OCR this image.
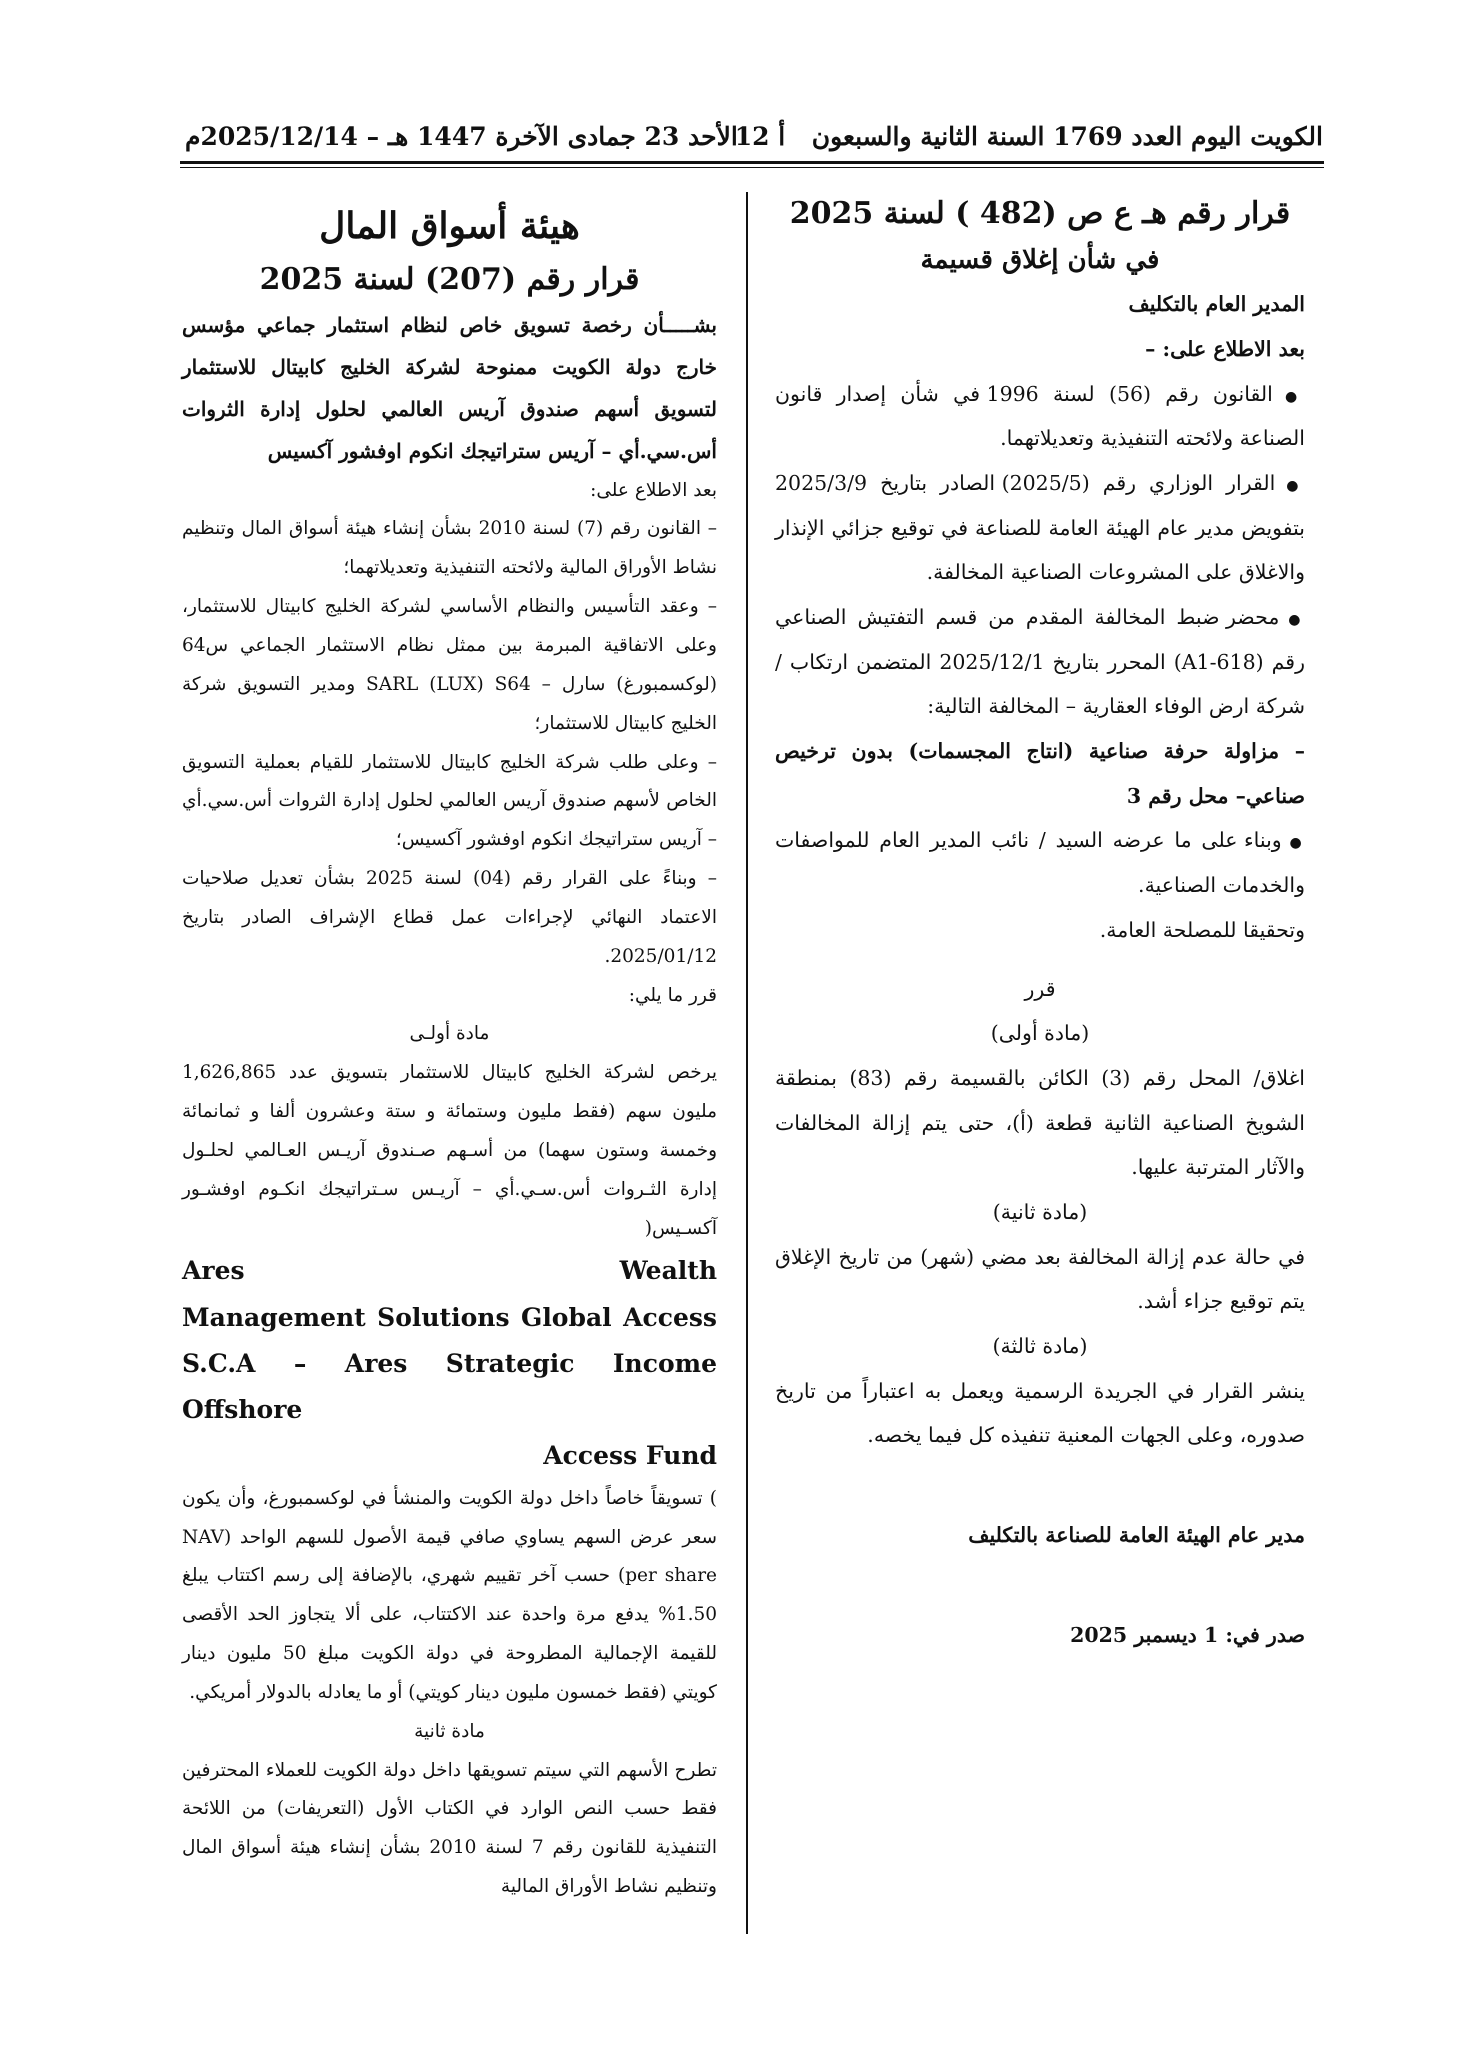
الكويت اليوم العدد 1769 السنة الثانية والسبعون
أ 12
الأحد 23 جمادى الآخرة 1447 هـ – 2025/12/14م

قرار رقم هـ ع ص (482 ) لسنة 2025

في شأن إغلاق قسيمة

المدير العام بالتكليف

بعد الاطلاع على: –

● القانون رقم (56) لسنة 1996 في شأن إصدار قانون الصناعة ولائحته التنفيذية وتعديلاتهما.

● القرار الوزاري رقم (2025/5) الصادر بتاريخ 2025/3/9 بتفويض مدير عام الهيئة العامة للصناعة في توقيع جزائي الإنذار والاغلاق على المشروعات الصناعية المخالفة.

● محضر ضبط المخالفة المقدم من قسم التفتيش الصناعي رقم (A1-618) المحرر بتاريخ 2025/12/1 المتضمن ارتكاب / شركة ارض الوفاء العقارية – المخالفة التالية:

– مزاولة حرفة صناعية (انتاج المجسمات) بدون ترخيص صناعي– محل رقم 3

● وبناء على ما عرضه السيد / نائب المدير العام للمواصفات والخدمات الصناعية.

وتحقيقا للمصلحة العامة.

قرر

(مادة أولى)

اغلاق/ المحل رقم (3) الكائن بالقسيمة رقم (83) بمنطقة الشويخ الصناعية الثانية قطعة (أ)، حتى يتم إزالة المخالفات والآثار المترتبة عليها.

(مادة ثانية)

في حالة عدم إزالة المخالفة بعد مضي (شهر) من تاريخ الإغلاق يتم توقيع جزاء أشد.

(مادة ثالثة)

ينشر القرار في الجريدة الرسمية ويعمل به اعتباراً من تاريخ صدوره، وعلى الجهات المعنية تنفيذه كل فيما يخصه.

مدير عام الهيئة العامة للصناعة بالتكليف

صدر في: 1 ديسمبر 2025

هيئة أسواق المال

قرار رقم (207) لسنة 2025

بشـــــأن رخصة تسويق خاص لنظام استثمار جماعي مؤسس خارج دولة الكويت ممنوحة لشركة الخليج كابيتال للاستثمار لتسويق أسهم صندوق آريس العالمي لحلول إدارة الثروات أس.سي.أي – آريس ستراتيجك انكوم اوفشور آكسيس

بعد الاطلاع على:

– القانون رقم (7) لسنة 2010 بشأن إنشاء هيئة أسواق المال وتنظيم نشاط الأوراق المالية ولائحته التنفيذية وتعديلاتهما؛

– وعقد التأسيس والنظام الأساسي لشركة الخليج كابيتال للاستثمار، وعلى الاتفاقية المبرمة بين ممثل نظام الاستثمار الجماعي س64 (لوكسمبورغ) سارل – SARL (LUX) S64 ومدير التسويق شركة الخليج كابيتال للاستثمار؛

– وعلى طلب شركة الخليج كابيتال للاستثمار للقيام بعملية التسويق الخاص لأسهم صندوق آريس العالمي لحلول إدارة الثروات أس.سي.أي – آريس ستراتيجك انكوم اوفشور آكسيس؛

– وبناءً على القرار رقم (04) لسنة 2025 بشأن تعديل صلاحيات الاعتماد النهائي لإجراءات عمل قطاع الإشراف الصادر بتاريخ 2025/01/12.

قرر ما يلي:

مادة أولـى

يرخص لشركة الخليج كابيتال للاستثمار بتسويق عدد 1,626,865 مليون سهم (فقط مليون وستمائة و ستة وعشرون ألفا و ثمانمائة وخمسة وستون سهما) من أسـهم صـندوق آريـس العـالمي لحلـول إدارة الثـروات أس.سـي.أي – آريـس سـتراتيجك انكـوم اوفشـور آكسـيس(

Ares Wealth

Management Solutions Global Access

S.C.A – Ares Strategic Income Offshore

Access Fund

) تسويقاً خاصاً داخل دولة الكويت والمنشأ في لوكسمبورغ، وأن يكون سعر عرض السهم يساوي صافي قيمة الأصول للسهم الواحد (NAV per share) حسب آخر تقييم شهري، بالإضافة إلى رسم اكتتاب يبلغ 1.50% يدفع مرة واحدة عند الاكتتاب، على ألا يتجاوز الحد الأقصى للقيمة الإجمالية المطروحة في دولة الكويت مبلغ 50 مليون دينار كويتي (فقط خمسون مليون دينار كويتي) أو ما يعادله بالدولار أمريكي.

مادة ثانية

تطرح الأسهم التي سيتم تسويقها داخل دولة الكويت للعملاء المحترفين فقط حسب النص الوارد في الكتاب الأول (التعريفات) من اللائحة التنفيذية للقانون رقم 7 لسنة 2010 بشأن إنشاء هيئة أسواق المال وتنظيم نشاط الأوراق المالية
